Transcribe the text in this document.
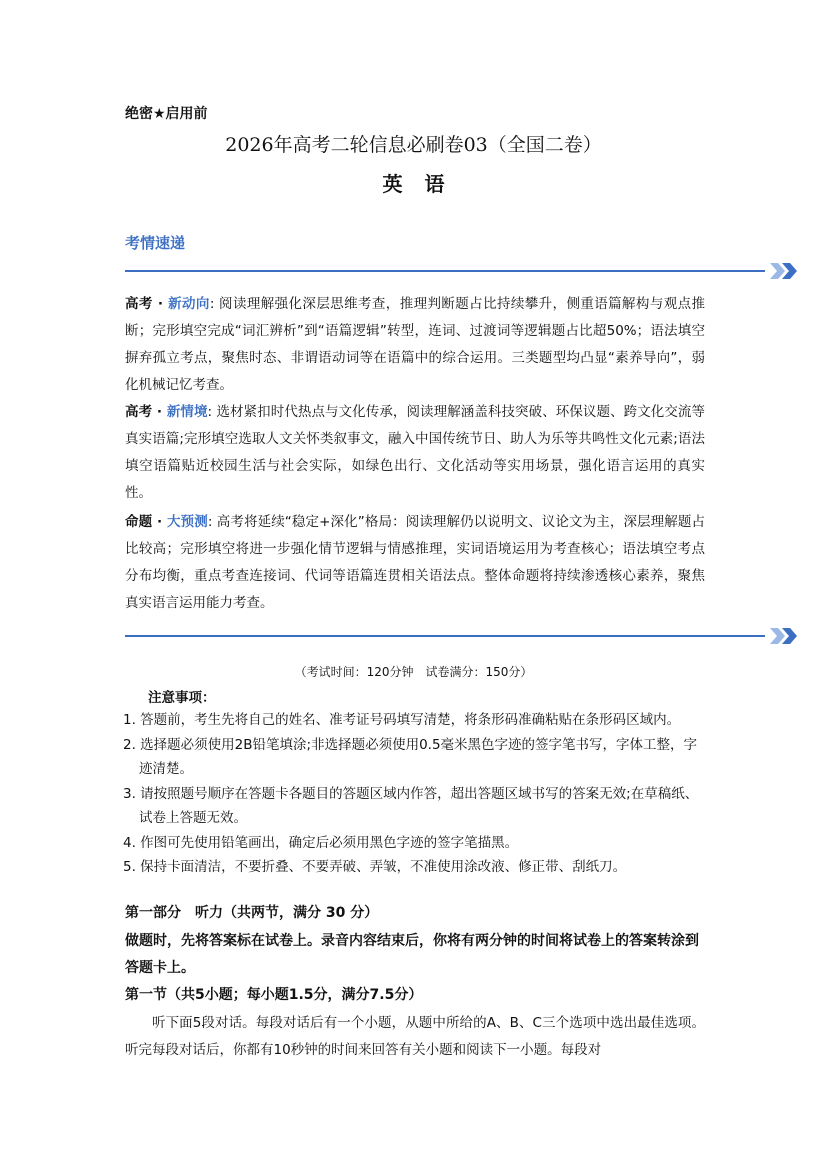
绝密★启用前
2026年高考二轮信息必刷卷03（全国二卷）
英语
考情速递
高考 · 新动向: 阅读理解强化深层思维考查，推理判断题占比持续攀升，侧重语篇解构与观点推断；完形填空完成“词汇辨析”到“语篇逻辑”转型，连词、过渡词等逻辑题占比超50%；语法填空摒弃孤立考点，聚焦时态、非谓语动词等在语篇中的综合运用。三类题型均凸显“素养导向”，弱化机械记忆考查。
高考 · 新情境: 选材紧扣时代热点与文化传承，阅读理解涵盖科技突破、环保议题、跨文化交流等真实语篇;完形填空选取人文关怀类叙事文，融入中国传统节日、助人为乐等共鸣性文化元素;语法填空语篇贴近校园生活与社会实际，如绿色出行、文化活动等实用场景，强化语言运用的真实性。
命题 · 大预测: 高考将延续“稳定+深化”格局：阅读理解仍以说明文、议论文为主，深层理解题占比较高；完形填空将进一步强化情节逻辑与情感推理，实词语境运用为考查核心；语法填空考点分布均衡，重点考查连接词、代词等语篇连贯相关语法点。整体命题将持续渗透核心素养，聚焦真实语言运用能力考查。
（考试时间：120分钟　试卷满分：150分）
注意事项：
1. 答题前，考生先将自己的姓名、准考证号码填写清楚，将条形码准确粘贴在条形码区域内。
2. 选择题必须使用2B铅笔填涂;非选择题必须使用0.5毫米黑色字迹的签字笔书写，字体工整，字迹清楚。
3. 请按照题号顺序在答题卡各题目的答题区域内作答，超出答题区域书写的答案无效;在草稿纸、试卷上答题无效。
4. 作图可先使用铅笔画出，确定后必须用黑色字迹的签字笔描黑。
5. 保持卡面清洁，不要折叠、不要弄破、弄皱，不准使用涂改液、修正带、刮纸刀。
第一部分　听力（共两节，满分 30 分）
做题时，先将答案标在试卷上。录音内容结束后，你将有两分钟的时间将试卷上的答案转涂到答题卡上。
第一节（共5小题；每小题1.5分，满分7.5分）
听下面5段对话。每段对话后有一个小题，从题中所给的A、B、C三个选项中选出最佳选项。听完每段对话后，你都有10秒钟的时间来回答有关小题和阅读下一小题。每段对
